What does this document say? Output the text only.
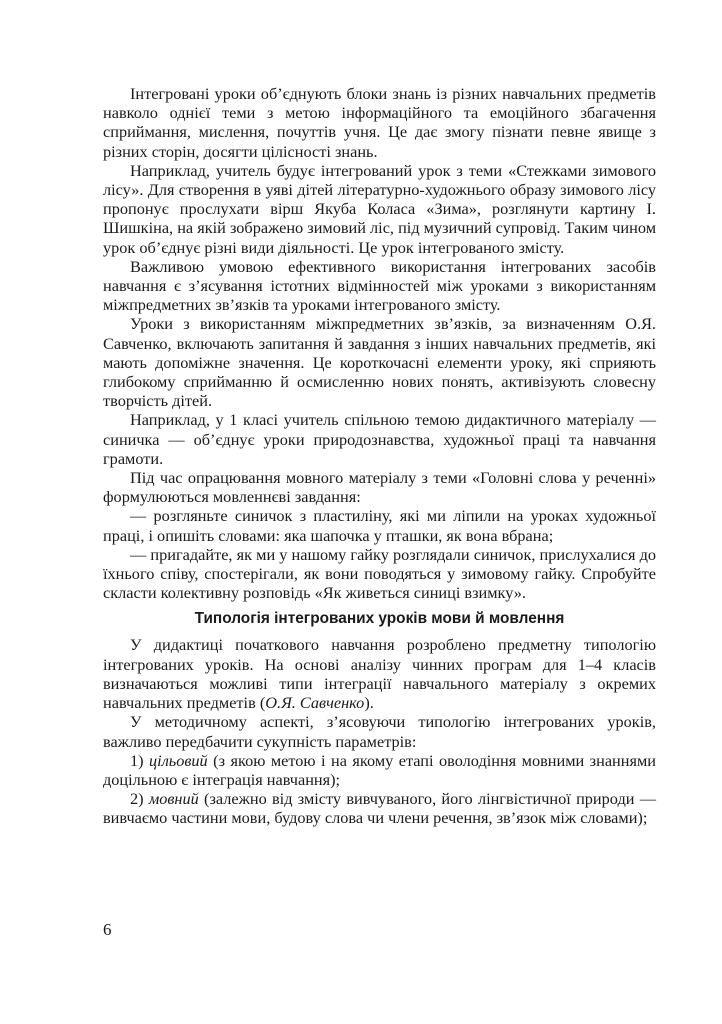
Інтегровані уроки об’єднують блоки знань із різних навчальних предметів навколо однієї теми з метою інформаційного та емоційного збагачення сприймання, мислення, почуттів учня. Це дає змогу пізнати певне явище з різних сторін, досягти цілісності знань.

Наприклад, учитель будує інтегрований урок з теми «Стежками зимового лісу». Для створення в уяві дітей літературно-художнього образу зимового лісу пропонує прослухати вірш Якуба Коласа «Зима», розглянути картину І. Шишкіна, на якій зображено зимовий ліс, під музичний супровід. Таким чином урок об’єднує різні види діяльності. Це урок інтегрованого змісту.

Важливою умовою ефективного використання інтегрованих засобів навчання є з’ясування істотних відмінностей між уроками з використанням міжпредметних зв’язків та уроками інтегрованого змісту.

Уроки з використанням міжпредметних зв’язків, за визначенням О.Я. Савченко, включають запитання й завдання з інших навчальних предметів, які мають допоміжне значення. Це короткочасні елементи уроку, які сприяють глибокому сприйманню й осмисленню нових понять, активізують словесну творчість дітей.

Наприклад, у 1 класі учитель спільною темою дидактичного матеріалу — синичка — об’єднує уроки природознавства, художньої праці та навчання грамоти.

Під час опрацювання мовного матеріалу з теми «Головні слова у реченні» формулюються мовленнєві завдання:

— розгляньте синичок з пластиліну, які ми ліпили на уроках художньої праці, і опишіть словами: яка шапочка у пташки, як вона вбрана;

— пригадайте, як ми у нашому гайку розглядали синичок, прислухалися до їхнього співу, спостерігали, як вони поводяться у зимовому гайку. Спробуйте скласти колективну розповідь «Як живеться синиці взимку».

Типологія інтегрованих уроків мови й мовлення

У дидактиці початкового навчання розроблено предметну типологію інтегрованих уроків. На основі аналізу чинних програм для 1–4 класів визначаються можливі типи інтеграції навчального матеріалу з окремих навчальних предметів (О.Я. Савченко).

У методичному аспекті, з’ясовуючи типологію інтегрованих уроків, важливо передбачити сукупність параметрів:

1) цільовий (з якою метою і на якому етапі оволодіння мовними знаннями доцільною є інтеграція навчання);

2) мовний (залежно від змісту вивчуваного, його лінгвістичної природи — вивчаємо частини мови, будову слова чи члени речення, зв’язок між словами);

6
